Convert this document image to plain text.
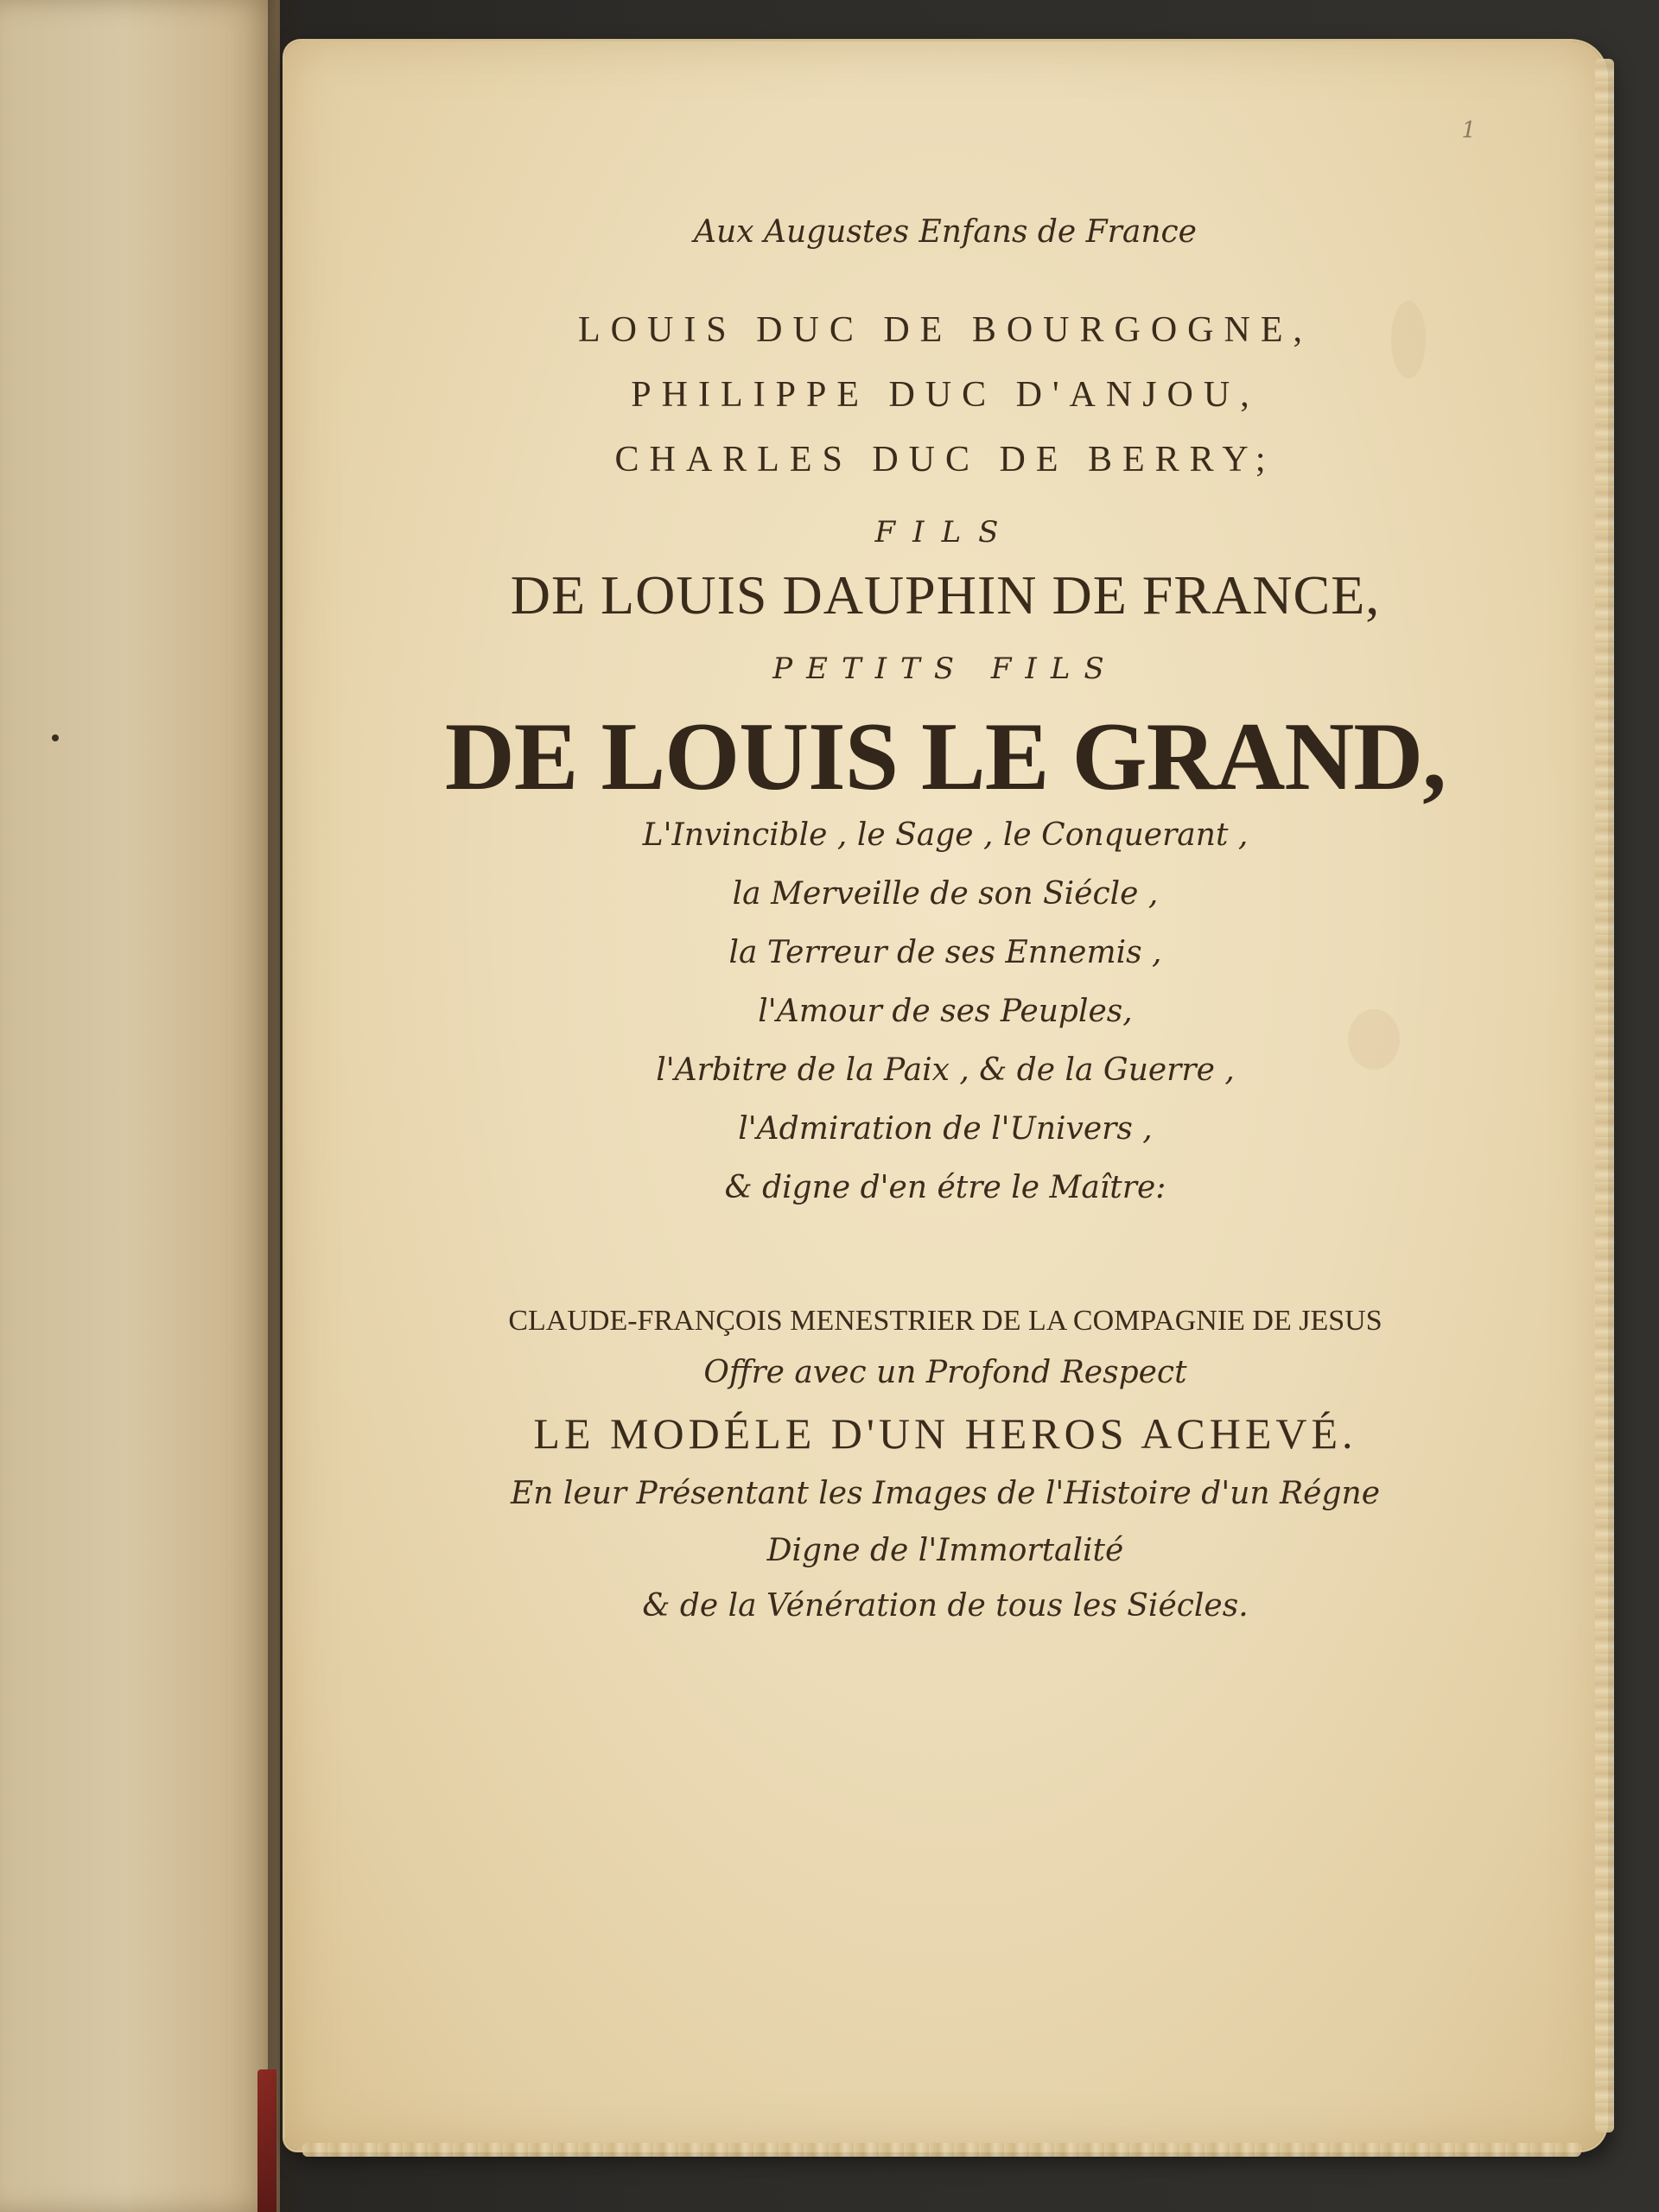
1
Aux Augustes Enfans de France
LOUIS DUC DE BOURGOGNE,
PHILIPPE DUC D'ANJOU,
CHARLES DUC DE BERRY;
FILS
DE LOUIS DAUPHIN DE FRANCE,
PETITS FILS
DE LOUIS LE GRAND,
L'Invincible , le Sage , le Conquerant ,
la Merveille de son Siécle ,
la Terreur de ses Ennemis ,
l'Amour de ses Peuples,
l'Arbitre de la Paix , & de la Guerre ,
l'Admiration de l'Univers ,
& digne d'en étre le Maître:
CLAUDE-FRANÇOIS MENESTRIER DE LA COMPAGNIE DE JESUS
Offre avec un Profond Respect
LE MODÉLE D'UN HEROS ACHEVÉ.
En leur Présentant les Images de l'Histoire d'un Régne
Digne de l'Immortalité
& de la Vénération de tous les Siécles.
